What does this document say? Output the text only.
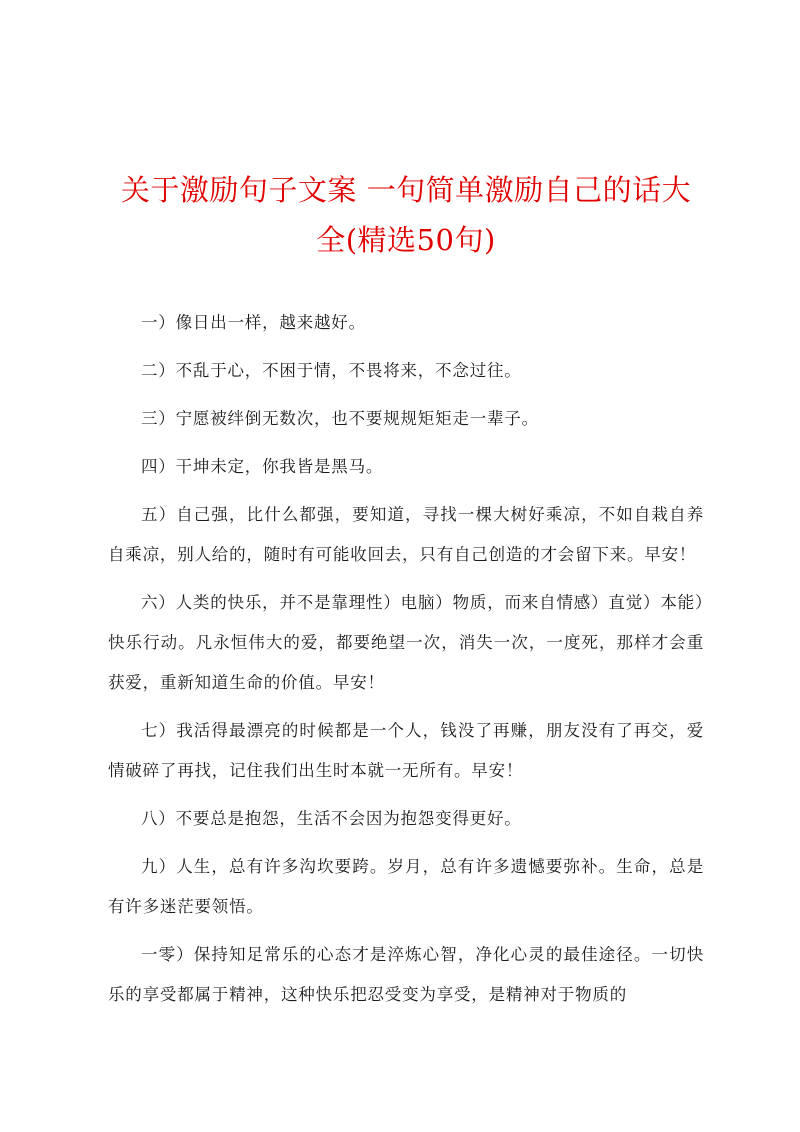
关于激励句子文案 一句简单激励自己的话大全(精选50句)

一）像日出一样，越来越好。

二）不乱于心，不困于情，不畏将来，不念过往。

三）宁愿被绊倒无数次，也不要规规矩矩走一辈子。

四）干坤未定，你我皆是黑马。

五）自己强，比什么都强，要知道，寻找一棵大树好乘凉，不如自栽自养自乘凉，别人给的，随时有可能收回去，只有自己创造的才会留下来。早安！

六）人类的快乐，并不是靠理性）电脑）物质，而来自情感）直觉）本能）快乐行动。凡永恒伟大的爱，都要绝望一次，消失一次，一度死，那样才会重获爱，重新知道生命的价值。早安！

七）我活得最漂亮的时候都是一个人，钱没了再赚，朋友没有了再交，爱情破碎了再找，记住我们出生时本就一无所有。早安！

八）不要总是抱怨，生活不会因为抱怨变得更好。

九）人生，总有许多沟坎要跨。岁月，总有许多遗憾要弥补。生命，总是有许多迷茫要领悟。

一零）保持知足常乐的心态才是淬炼心智，净化心灵的最佳途径。一切快乐的享受都属于精神，这种快乐把忍受变为享受，是精神对于物质的
